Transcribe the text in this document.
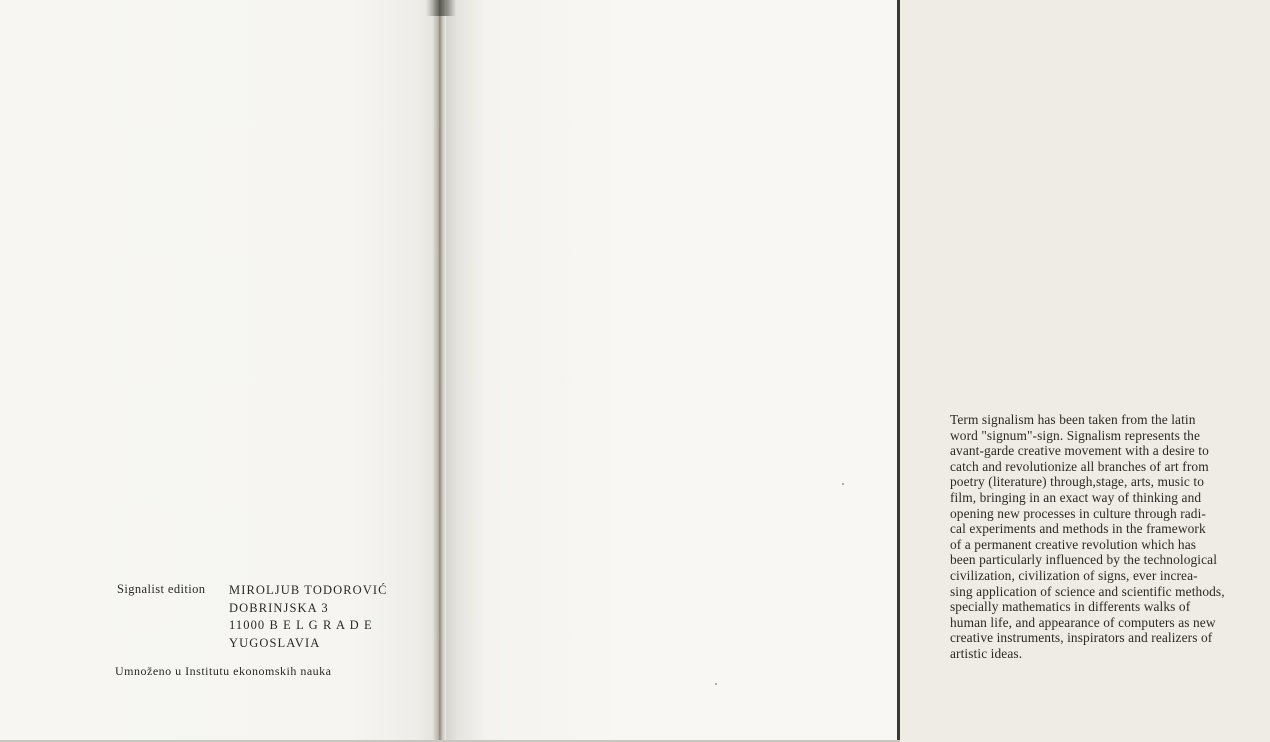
Signalist edition MIROLJUB TODOROVIĆ
DOBRINJSKA 3
11000 B E L G R A D E
YUGOSLAVIA
Umnoženo u Institutu ekonomskih nauka
Term signalism has been taken from the latin
word "signum"-sign. Signalism represents the
avant-garde creative movement with a desire to
catch and revolutionize all branches of art from
poetry (literature) through,stage, arts, music to
film, bringing in an exact way of thinking and
opening new processes in culture through radi-
cal experiments and methods in the framework
of a permanent creative revolution which has
been particularly influenced by the technological
civilization, civilization of signs, ever increa-
sing application of science and scientific methods,
specially mathematics in differents walks of
human life, and appearance of computers as new
creative instruments, inspirators and realizers of
artistic ideas.
